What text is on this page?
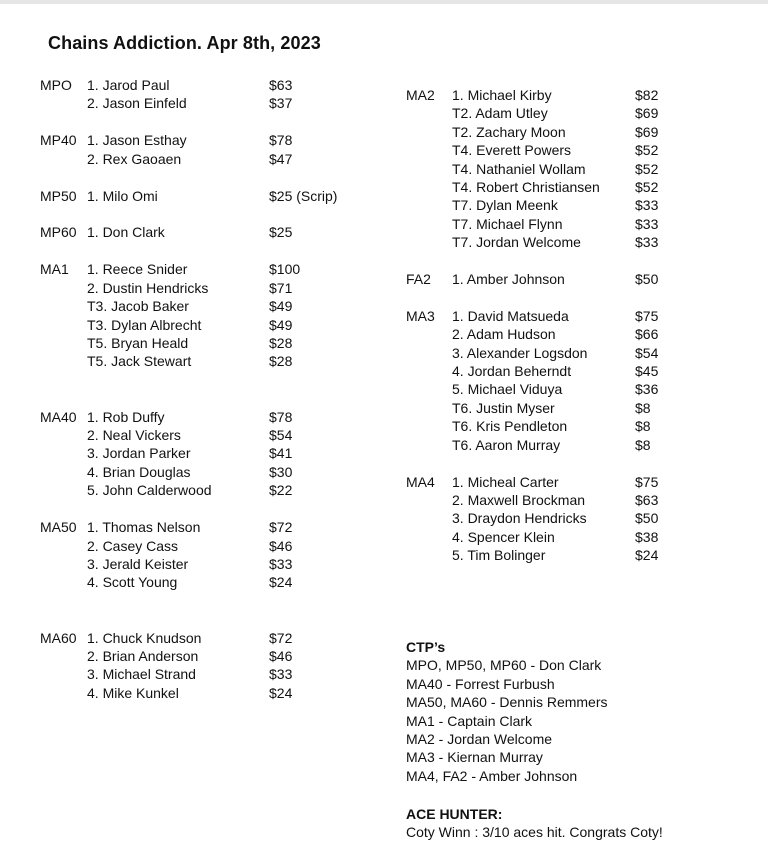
Chains Addiction. Apr 8th, 2023
MPO 1. Jarod Paul	$63
2. Jason Einfeld	$37
MP40 1. Jason Esthay	$78
2. Rex Gaoaen	$47
MP50 1. Milo Omi	$25 (Scrip)
MP60 1. Don Clark	$25
MA1 1. Reece Snider	$100
2. Dustin Hendricks	$71
T3. Jacob Baker	$49
T3. Dylan Albrecht	$49
T5. Bryan Heald	$28
T5. Jack Stewart	$28
MA40 1. Rob Duffy	$78
2. Neal Vickers	$54
3. Jordan Parker	$41
4. Brian Douglas	$30
5. John Calderwood	$22
MA50 1. Thomas Nelson	$72
2. Casey Cass	$46
3. Jerald Keister	$33
4. Scott Young	$24
MA60 1. Chuck Knudson	$72
2. Brian Anderson	$46
3. Michael Strand	$33
4. Mike Kunkel	$24
MA2 1. Michael Kirby	$82
T2. Adam Utley	$69
T2. Zachary Moon	$69
T4. Everett Powers	$52
T4. Nathaniel Wollam	$52
T4. Robert Christiansen	$52
T7. Dylan Meenk	$33
T7. Michael Flynn	$33
T7. Jordan Welcome	$33
FA2 1. Amber Johnson	$50
MA3 1. David Matsueda	$75
2. Adam Hudson	$66
3. Alexander Logsdon	$54
4. Jordan Beherndt	$45
5. Michael Viduya	$36
T6. Justin Myser	$8
T6. Kris Pendleton	$8
T6. Aaron Murray	$8
MA4 1. Micheal Carter	$75
2. Maxwell Brockman	$63
3. Draydon Hendricks	$50
4. Spencer Klein	$38
5. Tim Bolinger	$24
CTP’s
MPO, MP50, MP60 - Don Clark
MA40 - Forrest Furbush
MA50, MA60 - Dennis Remmers
MA1 - Captain Clark
MA2 - Jordan Welcome
MA3 - Kiernan Murray
MA4, FA2 - Amber Johnson
ACE HUNTER:
Coty Winn : 3/10 aces hit. Congrats Coty!
